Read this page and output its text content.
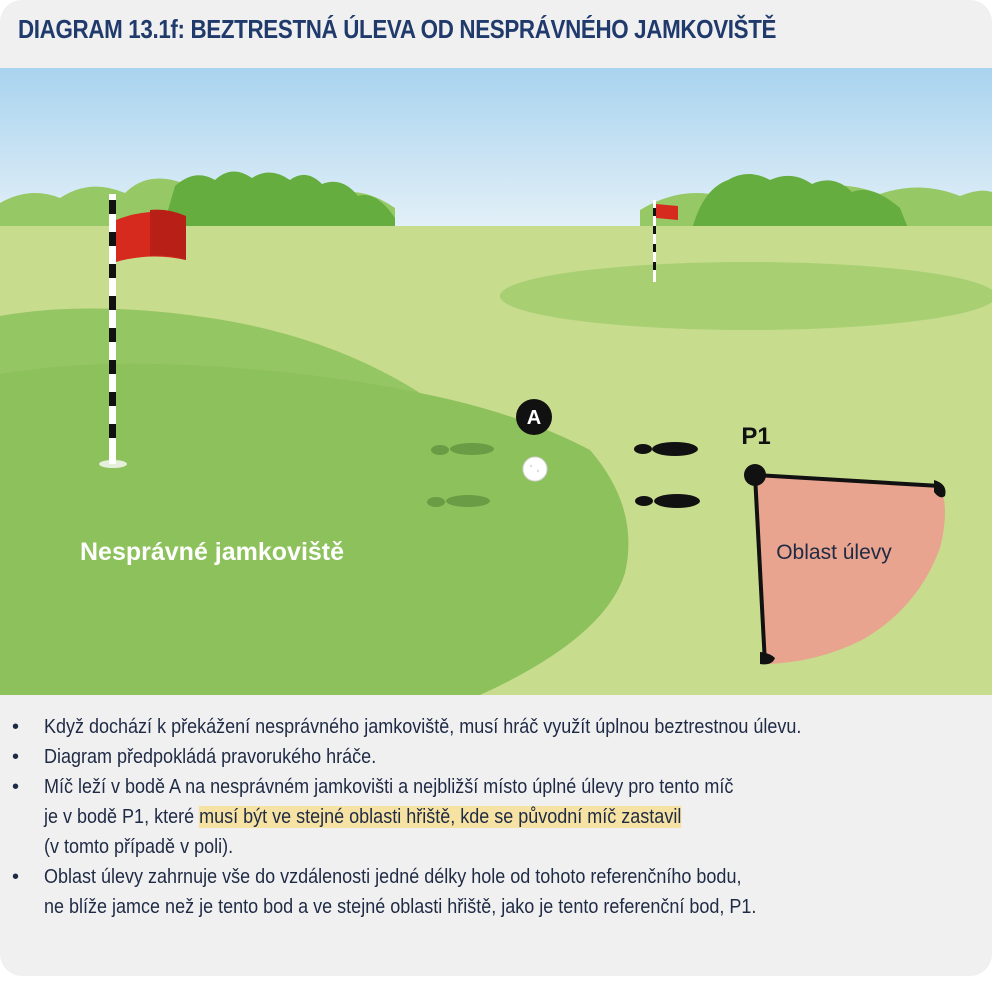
DIAGRAM 13.1f: BEZTRESTNÁ ÚLEVA OD NESPRÁVNÉHO JAMKOVIŠTĚ
A
P1
Oblast úlevy
Nesprávné jamkoviště
• Když dochází k překážení nesprávného jamkoviště, musí hráč využít úplnou beztrestnou úlevu.
• Diagram předpokládá pravorukého hráče.
• Míč leží v bodě A na nesprávném jamkovišti a nejbližší místo úplné úlevy pro tento míč
je v bodě P1, které musí být ve stejné oblasti hřiště, kde se původní míč zastavil
(v tomto případě v poli).
• Oblast úlevy zahrnuje vše do vzdálenosti jedné délky hole od tohoto referenčního bodu,
ne blíže jamce než je tento bod a ve stejné oblasti hřiště, jako je tento referenční bod, P1.
